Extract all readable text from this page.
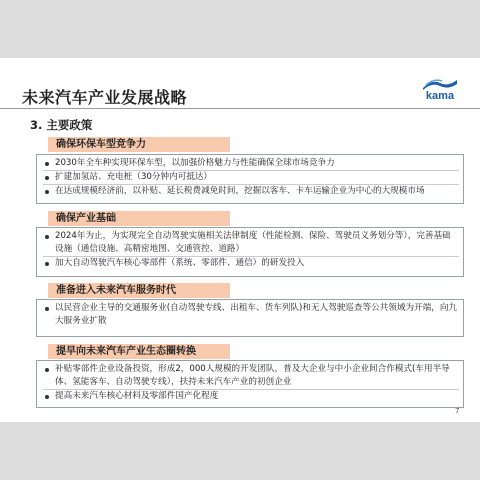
未来汽车产业发展战略	kama
3. 主要政策
确保环保车型竞争力
2030年全车种实现环保车型，以加强价格魅力与性能确保全球市场竞争力
扩建加氢站、充电桩（30分钟内可抵达）
在达成规模经济前，以补贴、延长税费减免时间，挖掘以客车、卡车运输企业为中心的大规模市场
确保产业基础
2024年为止，为实现完全自动驾驶实施相关法律制度（性能检测、保险、驾驶员义务划分等），完善基础设施（通信设施、高精密地图、交通管控、道路）
加大自动驾驶汽车核心零部件（系统、零部件、通信）的研发投入
准备进入未来汽车服务时代
以民营企业主导的交通服务业(自动驾驶专线、出租车、货车列队)和无人驾驶巡查等公共领域为开端，向九大服务业扩散
提早向未来汽车产业生态圈转换
补贴零部件企业设备投资，形成2，000人规模的开发团队，普及大企业与中小企业间合作模式(车用半导体、氢能客车、自动驾驶专线），扶持未来汽车产业的初创企业
提高未来汽车核心材料及零部件国产化程度
7
